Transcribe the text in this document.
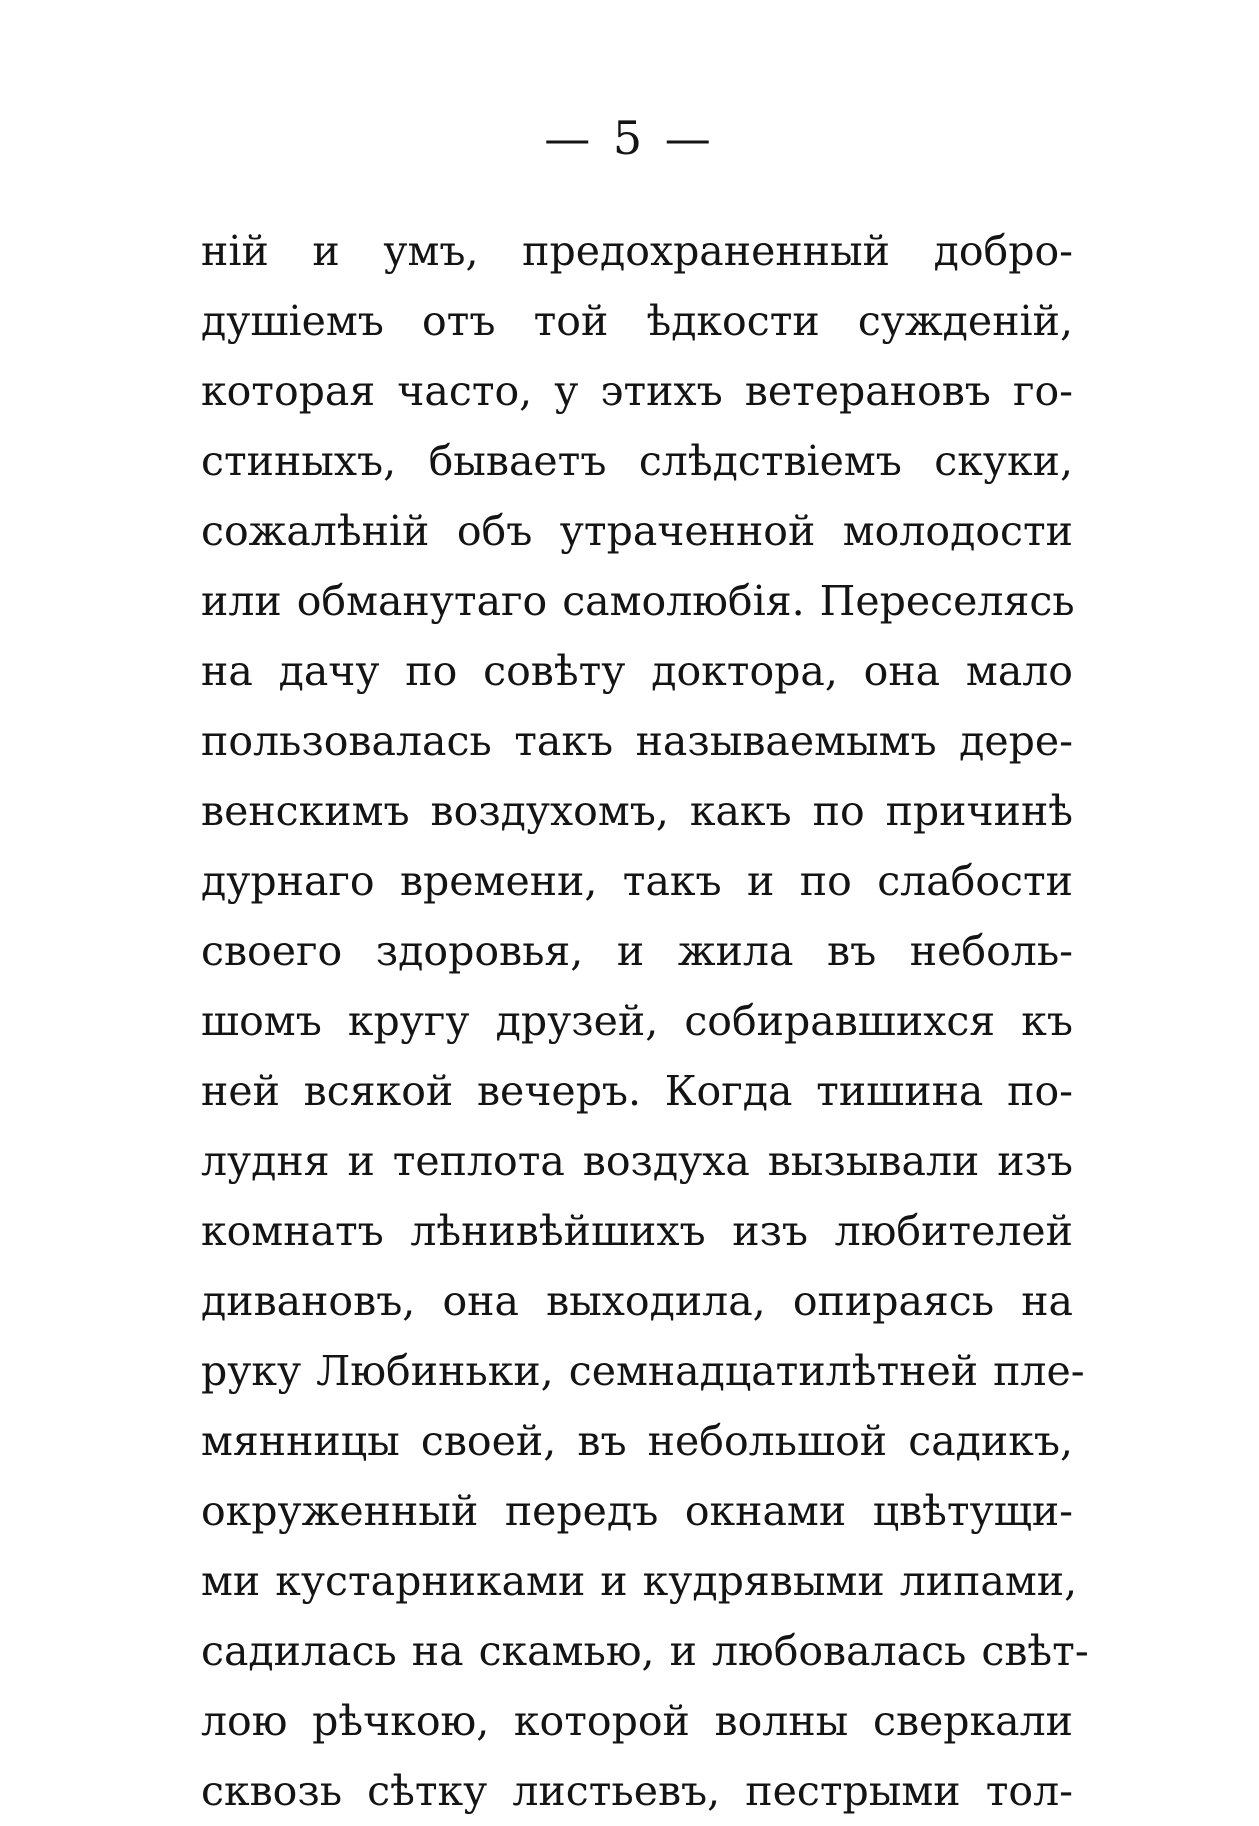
— 5 —
ній и умъ, предохраненный добро-
душіемъ отъ той ѣдкости сужденій,
которая часто, у этихъ ветерановъ го-
стиныхъ, бываетъ слѣдствіемъ скуки,
сожалѣній объ утраченной молодости
или обманутаго самолюбія. Переселясь
на дачу по совѣту доктора, она мало
пользовалась такъ называемымъ дере-
венскимъ воздухомъ, какъ по причинѣ
дурнаго времени, такъ и по слабости
своего здоровья, и жила въ неболь-
шомъ кругу друзей, собиравшихся къ
ней всякой вечеръ. Когда тишина по-
лудня и теплота воздуха вызывали изъ
комнатъ лѣнивѣйшихъ изъ любителей
дивановъ, она выходила, опираясь на
руку Любиньки, семнадцатилѣтней пле-
мянницы своей, въ небольшой садикъ,
окруженный передъ окнами цвѣтущи-
ми кустарниками и кудрявыми липами,
садилась на скамью, и любовалась свѣт-
лою рѣчкою, которой волны сверкали
сквозь сѣтку листьевъ, пестрыми тол-
